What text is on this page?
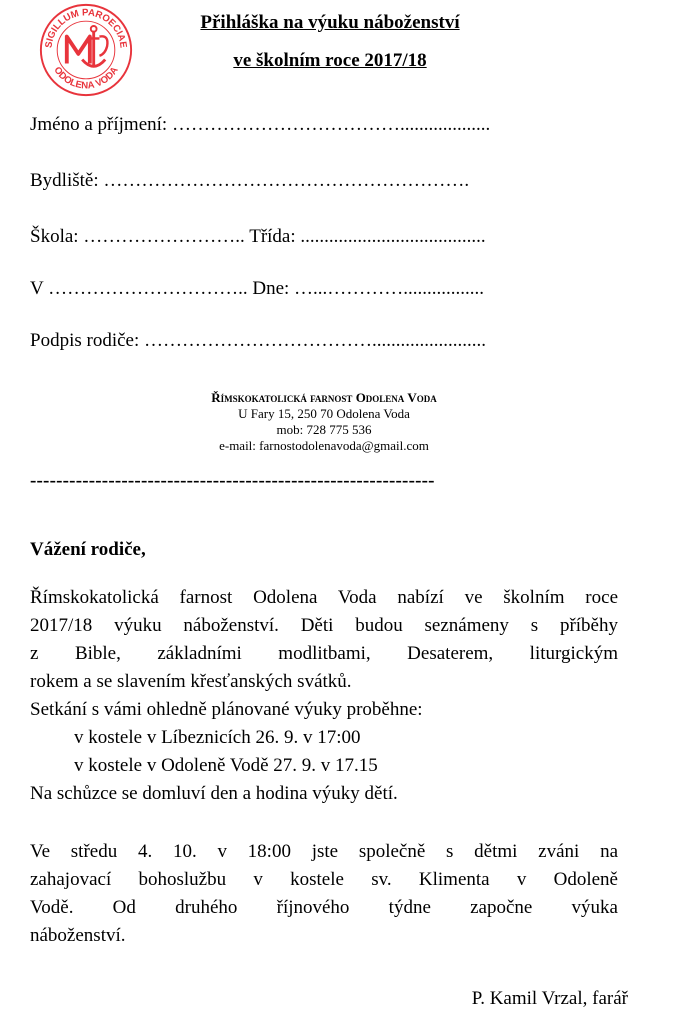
SIGILLUM PAROECIAE
ODOLENA VODA
Přihláška na výuku náboženství
ve školním roce 2017/18
Jméno a příjmení: ………………………………...................
Bydliště: ………………………………………………….
Škola: …………………….. Třída: .......................................
V ………………………….. Dne: …...………….................
Podpis rodiče: ………………………………........................
Římskokatolická farnost Odolena Voda
U Fary 15, 250 70 Odolena Voda
mob: 728 775 536
e-mail: farnostodolenavoda@gmail.com
--------------------------------------------------------------
Vážení rodiče,
Římskokatolická farnost Odolena Voda nabízí ve školním roce
2017/18 výuku náboženství. Děti budou seznámeny s příběhy
z Bible, základními modlitbami, Desaterem, liturgickým
rokem a se slavením křesťanských svátků.
Setkání s vámi ohledně plánované výuky proběhne:
v kostele v Líbeznicích 26. 9. v 17:00
v kostele v Odoleně Vodě 27. 9. v 17.15
Na schůzce se domluví den a hodina výuky dětí.
Ve středu 4. 10. v 18:00 jste společně s dětmi zváni na
zahajovací bohoslužbu v kostele sv. Klimenta v Odoleně
Vodě. Od druhého říjnového týdne započne výuka
náboženství.
P. Kamil Vrzal, farář
